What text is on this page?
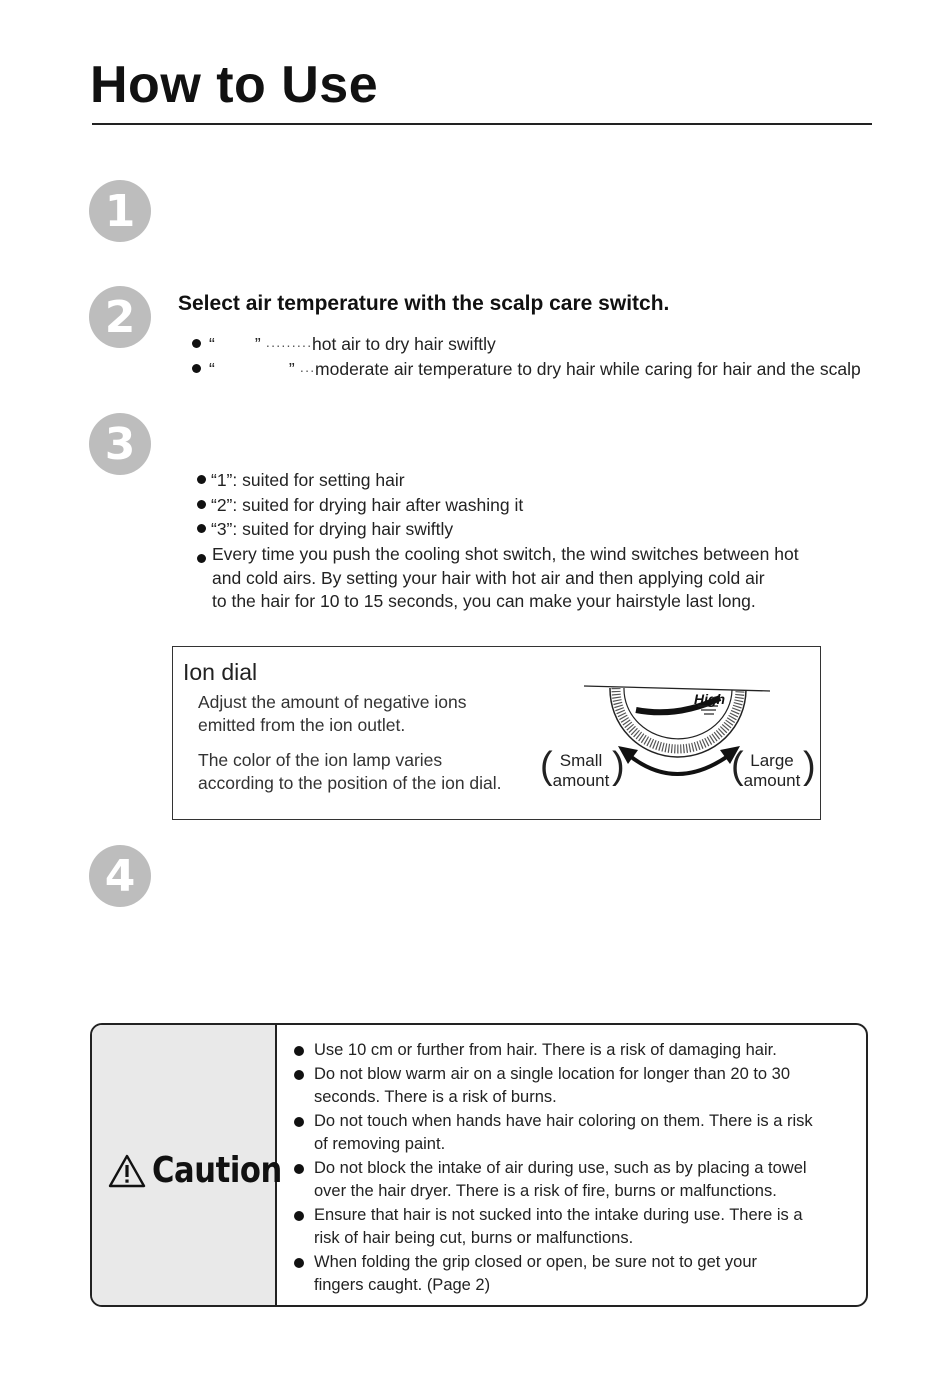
How to Use
1
2	Select air temperature with the scalp care switch.
“ ” ·········hot air to dry hair swiftly
“	” ···moderate air temperature to dry hair while caring for hair and the scalp
3
“1”: suited for setting hair
“2”: suited for drying hair after washing it
“3”: suited for drying hair swiftly
Every time you push the cooling shot switch, the wind switches between hot
and cold airs. By setting your hair with hot air and then applying cold air
to the hair for 10 to 15 seconds, you can make your hairstyle last long.
Ion dial
Adjust the amount of negative ions
emitted from the ion outlet.
The color of the ion lamp varies
according to the position of the ion dial.
High
( Small
amount )	( Large
amount )
4
Caution
Use 10 cm or further from hair. There is a risk of damaging hair.
Do not blow warm air on a single location for longer than 20 to 30
seconds. There is a risk of burns.
Do not touch when hands have hair coloring on them. There is a risk
of removing paint.
Do not block the intake of air during use, such as by placing a towel
over the hair dryer. There is a risk of fire, burns or malfunctions.
Ensure that hair is not sucked into the intake during use. There is a
risk of hair being cut, burns or malfunctions.
When folding the grip closed or open, be sure not to get your
fingers caught. (Page 2)
